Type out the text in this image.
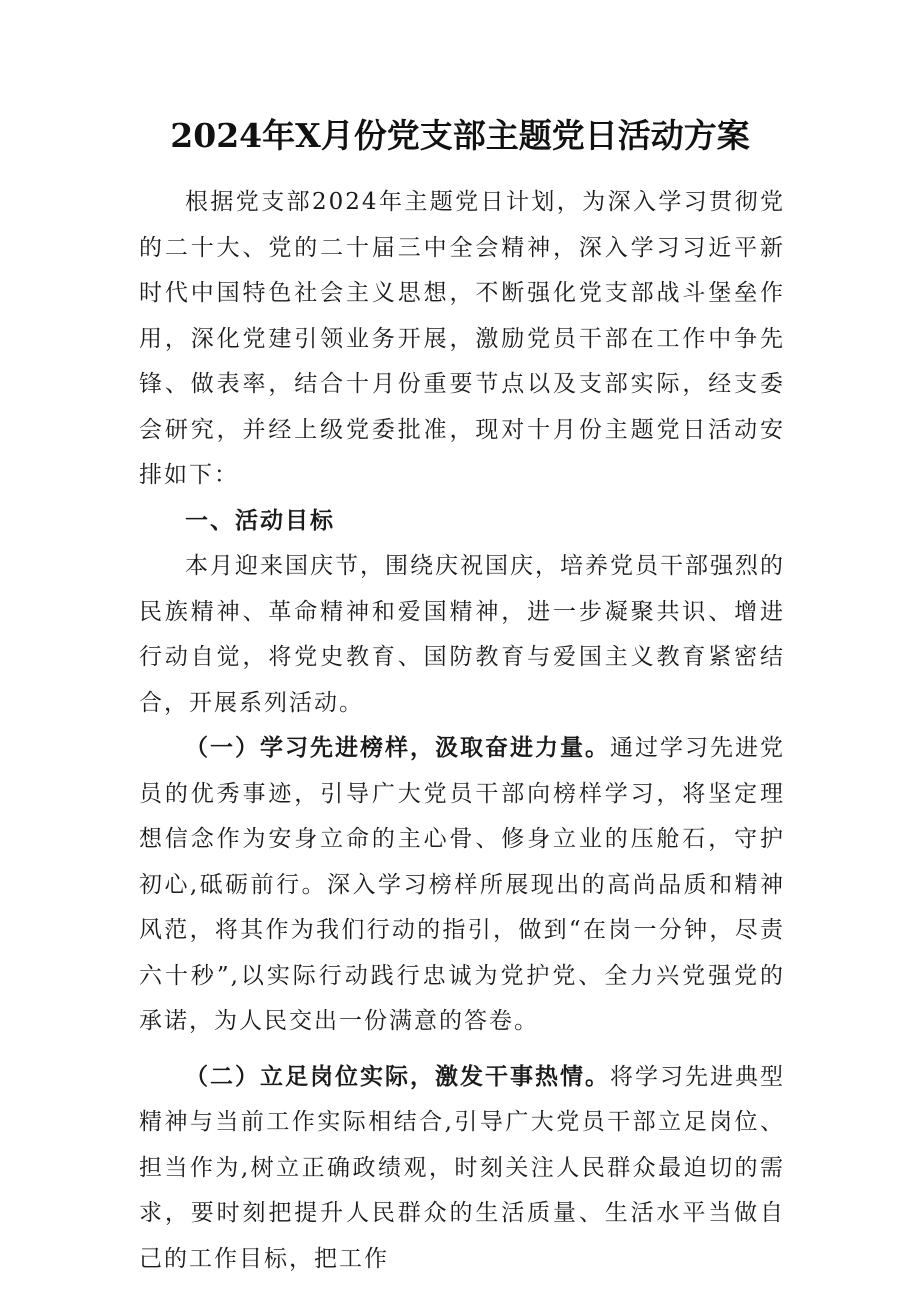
2024年X月份党支部主题党日活动方案

根据党支部2024年主题党日计划，为深入学习贯彻党的二十大、党的二十届三中全会精神，深入学习习近平新时代中国特色社会主义思想，不断强化党支部战斗堡垒作用，深化党建引领业务开展，激励党员干部在工作中争先锋、做表率，结合十月份重要节点以及支部实际，经支委会研究，并经上级党委批准，现对十月份主题党日活动安排如下：

一、活动目标

本月迎来国庆节，围绕庆祝国庆，培养党员干部强烈的民族精神、革命精神和爱国精神，进一步凝聚共识、增进行动自觉，将党史教育、国防教育与爱国主义教育紧密结合，开展系列活动。

（一）学习先进榜样，汲取奋进力量。通过学习先进党员的优秀事迹，引导广大党员干部向榜样学习，将坚定理想信念作为安身立命的主心骨、修身立业的压舱石，守护初心,砥砺前行。深入学习榜样所展现出的高尚品质和精神风范，将其作为我们行动的指引，做到“在岗一分钟，尽责六十秒”,以实际行动践行忠诚为党护党、全力兴党强党的承诺，为人民交出一份满意的答卷。

（二）立足岗位实际，激发干事热情。将学习先进典型精神与当前工作实际相结合,引导广大党员干部立足岗位、担当作为,树立正确政绩观，时刻关注人民群众最迫切的需求，要时刻把提升人民群众的生活质量、生活水平当做自己的工作目标，把工作
